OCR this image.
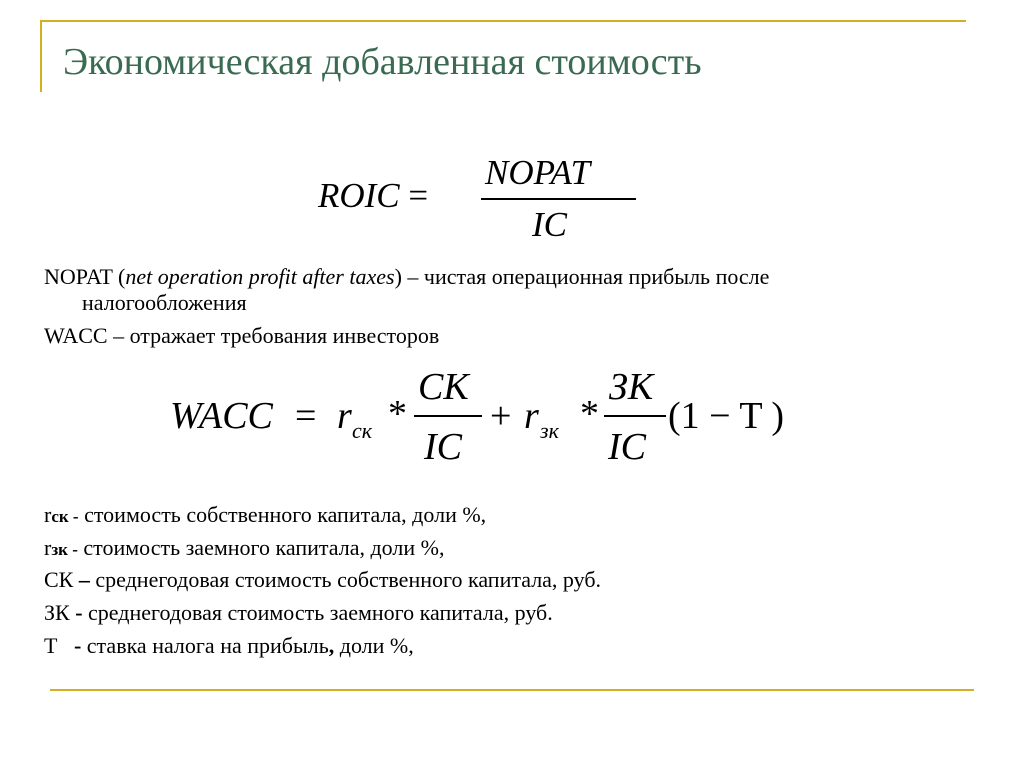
Экономическая добавленная стоимость
ROIC =
NOPAT
IC
NOPAT (net operation profit after taxes) – чистая операционная прибыль после
налогообложения
WACC – отражает требования инвесторов
WACC = r ск *
СК
IC
+ r зк *
ЗК
IC
(1 − T )
rск - стоимость собственного капитала, доли %,
rзк - стоимость заемного капитала, доли %,
СК – среднегодовая стоимость собственного капитала, руб.
ЗК - среднегодовая стоимость заемного капитала, руб.
Т - ставка налога на прибыль, доли %,
